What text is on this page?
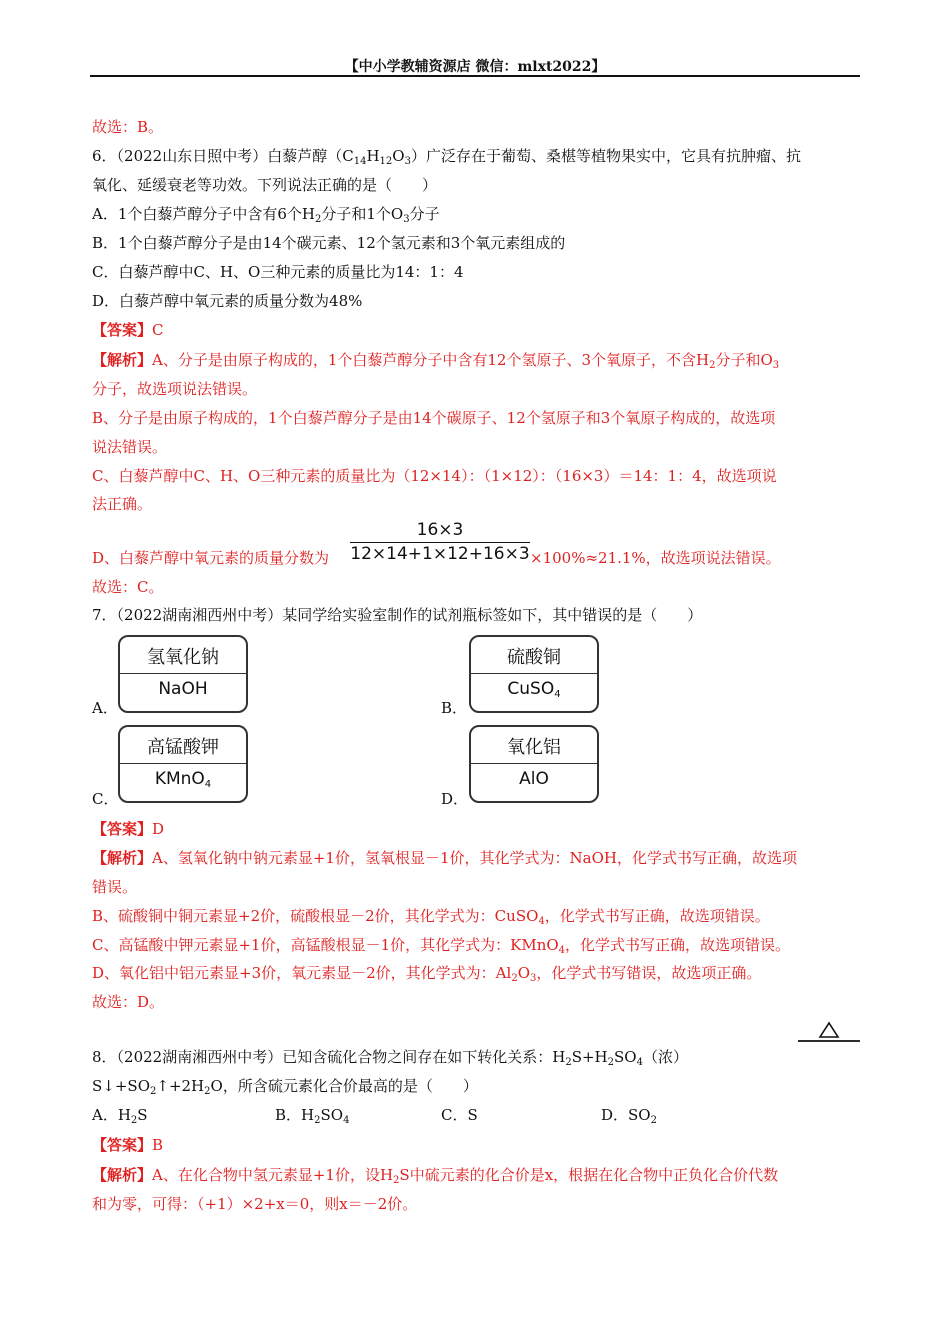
【中小学教辅资源店 微信：mlxt2022】
故选：B。
6．（2022山东日照中考）白藜芦醇$(C_{14}H_{12}O_3)$广泛存在于葡萄、桑椹等植物果实中，它具有抗肿瘤、抗
氧化、延缓衰老等功效。下列说法正确的是（　　）
A．1个白藜芦醇分子中含有6个$H_2$分子和1个$O_3$分子
B．1个白藜芦醇分子是由14个碳元素、12个氢元素和3个氧元素组成的
C．白藜芦醇中C、H、O三种元素的质量比为14：1：4
D．白藜芦醇中氧元素的质量分数为48%
【答案】C
【解析】A、分子是由原子构成的，1个白藜芦醇分子中含有12个氢原子、3个氧原子，不含$H_2$分子和$O_3$
分子，故选项说法错误。
B、分子是由原子构成的，1个白藜芦醇分子是由14个碳原子、12个氢原子和3个氧原子构成的，故选项
说法错误。
C、白藜芦醇中C、H、O三种元素的质量比为（12×14）：（1×12）：（16×3）＝14：1：4，故选项说
法正确。
D、白藜芦醇中氧元素的质量分数为
16×3
12×14+1×12+16×3 ×100%≈21.1%，故选项说法错误。
故选：C。
7．（2022湖南湘西州中考）某同学给实验室制作的试剂瓶标签如下，其中错误的是（　　）
A．
氢氧化钠
NaOH
B．
硫酸铜
CuSO$_4$
C．
高锰酸钾
KMnO$_4$
D．
氧化铝
AlO
【答案】D
【解析】A、氢氧化钠中钠元素显+1价，氢氧根显－1价，其化学式为：NaOH，化学式书写正确，故选项
错误。
B、硫酸铜中铜元素显+2价，硫酸根显－2价，其化学式为：CuSO$_4$，化学式书写正确，故选项错误。
C、高锰酸中钾元素显+1价，高锰酸根显－1价，其化学式为：KMnO$_4$，化学式书写正确，故选项错误。
D、氧化铝中铝元素显+3价，氧元素显－2价，其化学式为：$Al_2O_3$，化学式书写错误，故选项正确。
故选：D。
8．（2022湖南湘西州中考）已知含硫化合物之间存在如下转化关系：$H_2S+H_2SO_4$（浓）
$S↓+SO_2↑+2H_2O$，所含硫元素化合价最高的是（　　）
A．$H_2S$	B．$H_2SO_4$	C．S	D．$SO_2$
【答案】B
【解析】A、在化合物中氢元素显+1价，设$H_2S$中硫元素的化合价是x，根据在化合物中正负化合价代数
和为零，可得：（+1）×2+x＝0，则x＝－2价。
